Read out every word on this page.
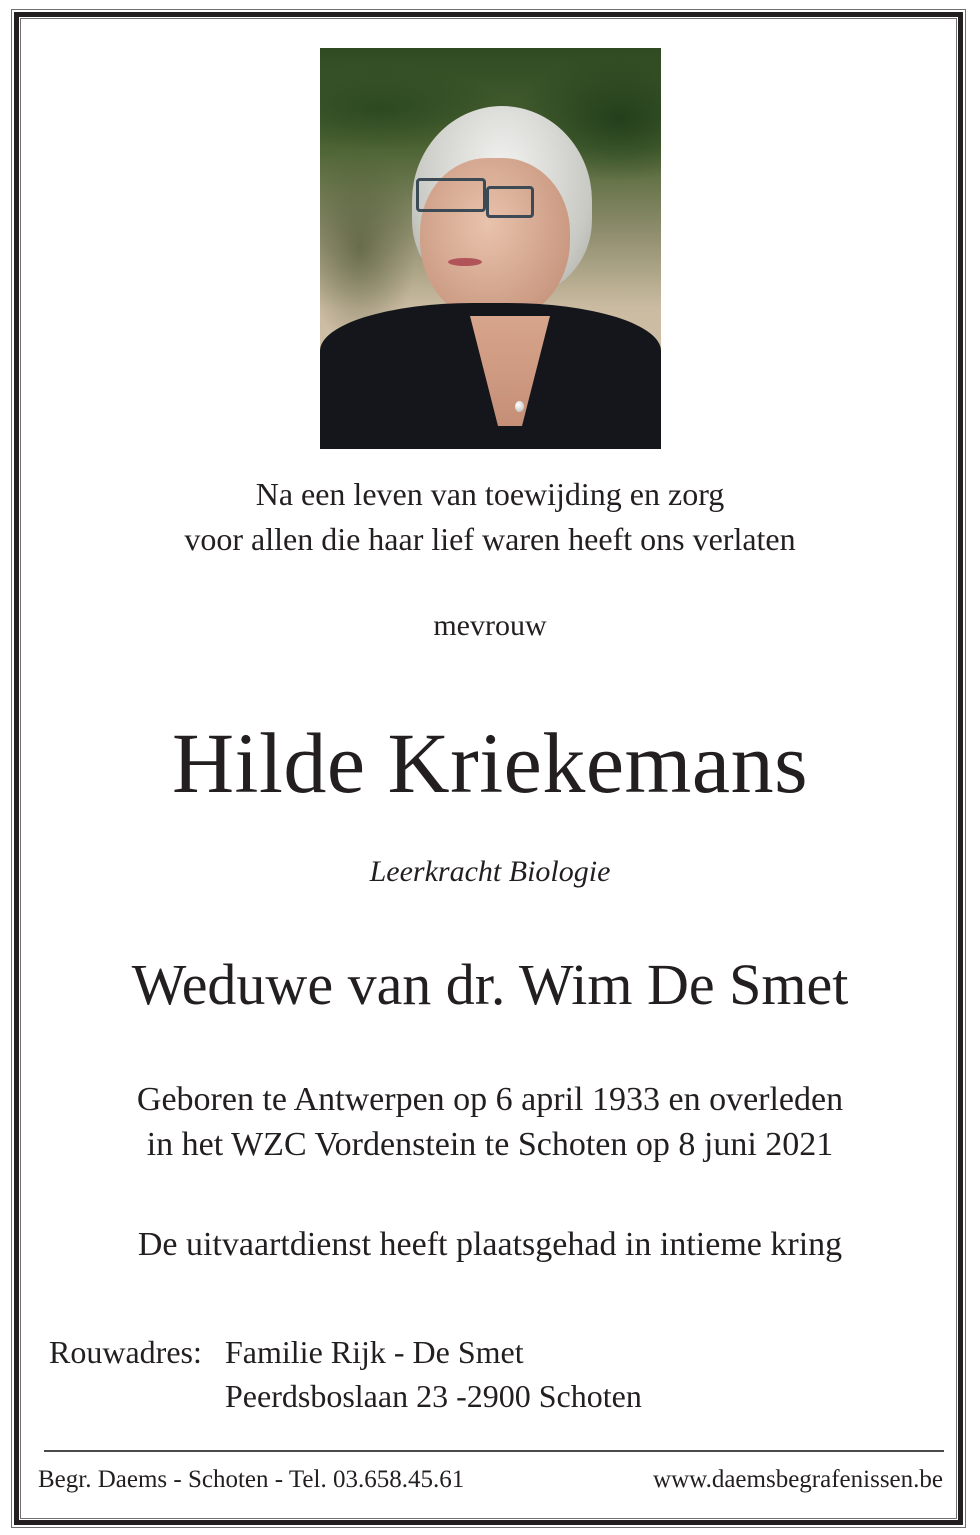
Na een leven van toewijding en zorg
voor allen die haar lief waren heeft ons verlaten
mevrouw
Hilde Kriekemans
Leerkracht Biologie
Weduwe van dr. Wim De Smet
Geboren te Antwerpen op 6 april 1933 en overleden
in het WZC Vordenstein te Schoten op 8 juni 2021
De uitvaartdienst heeft plaatsgehad in intieme kring
Rouwadres: Familie Rijk - De Smet
Peerdsboslaan 23 -2900 Schoten
Begr. Daems - Schoten - Tel. 03.658.45.61	www.daemsbegrafenissen.be
